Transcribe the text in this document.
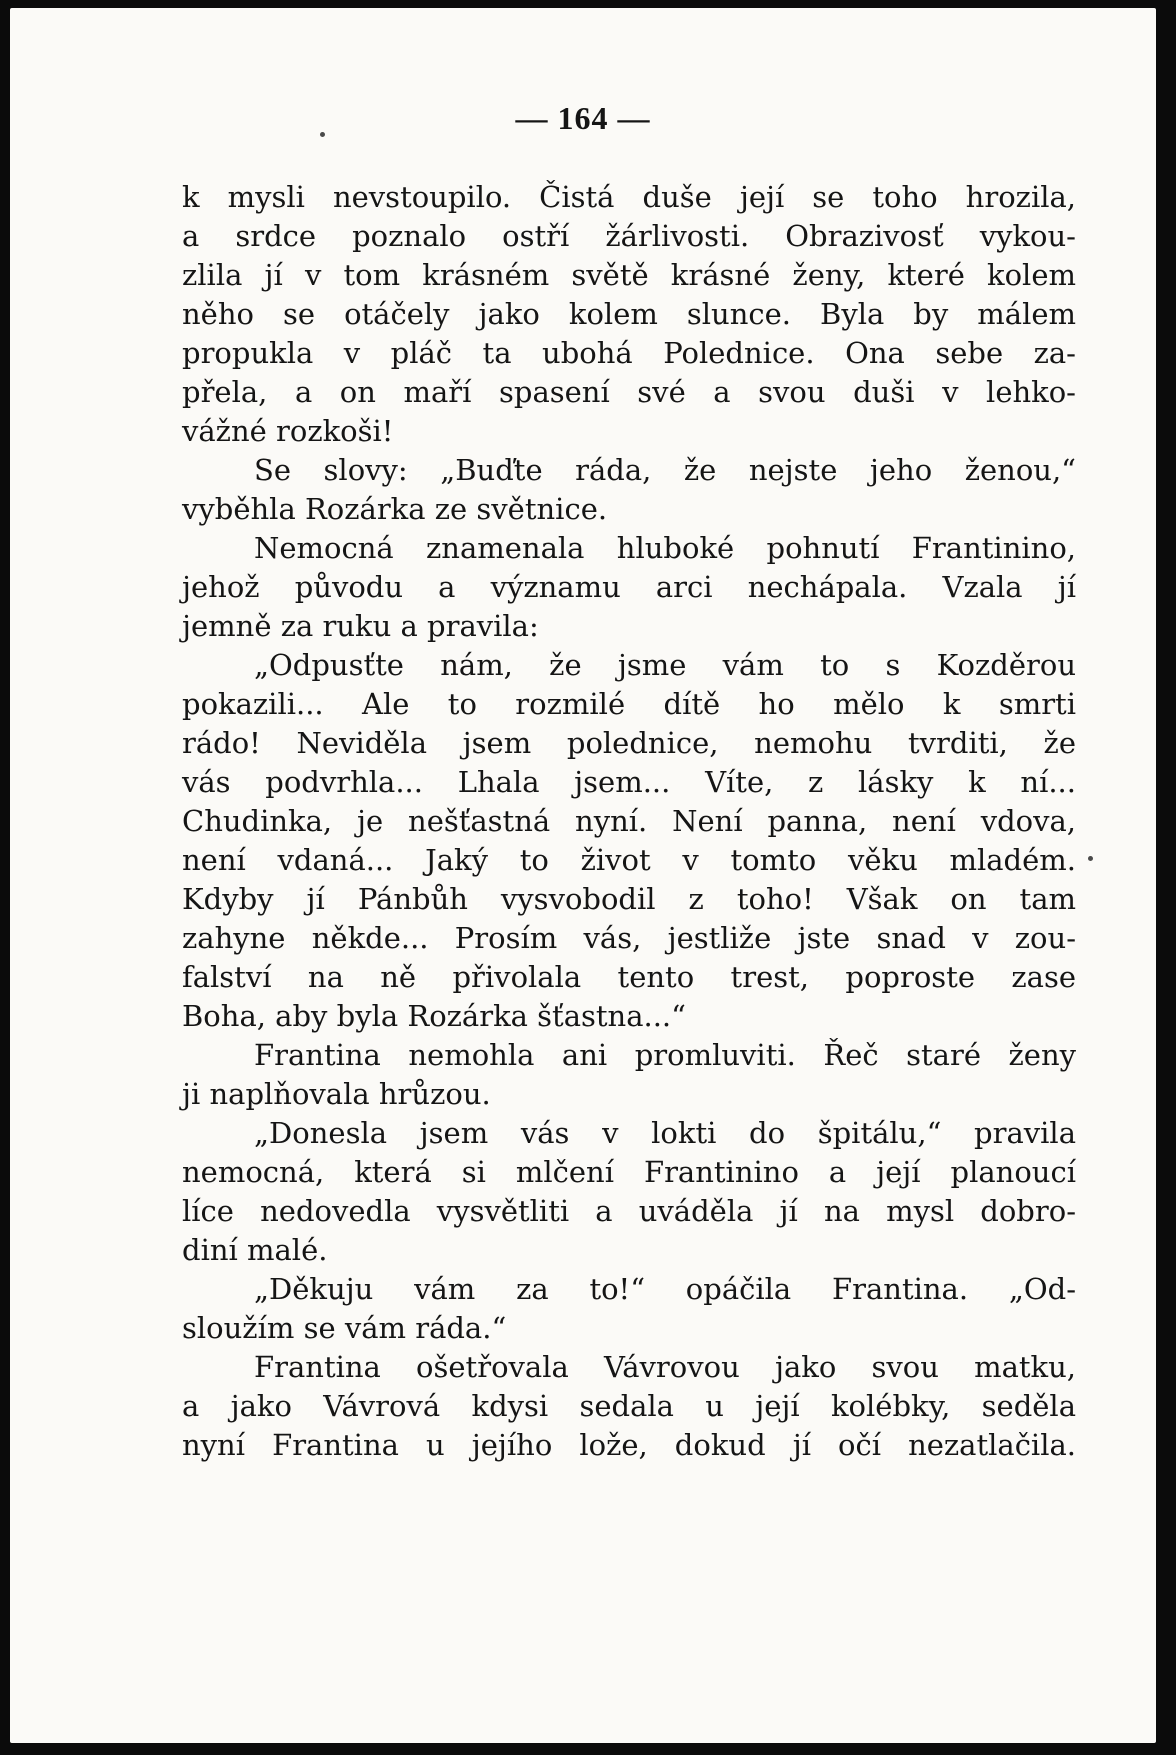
— 164 —

k mysli nevstoupilo. Čistá duše její se toho hrozila,
a srdce poznalo ostří žárlivosti. Obrazivosť vykou-
zlila jí v tom krásném světě krásné ženy, které kolem
něho se otáčely jako kolem slunce. Byla by málem
propukla v pláč ta ubohá Polednice. Ona sebe za-
přela, a on maří spasení své a svou duši v lehko-
vážné rozkoši!

Se slovy: „Buďte ráda, že nejste jeho ženou,“
vyběhla Rozárka ze světnice.

Nemocná znamenala hluboké pohnutí Frantinino,
jehož původu a významu arci nechápala. Vzala jí
jemně za ruku a pravila:

„Odpusťte nám, že jsme vám to s Kozděrou
pokazili... Ale to rozmilé dítě ho mělo k smrti
rádo! Neviděla jsem polednice, nemohu tvrditi, že
vás podvrhla... Lhala jsem... Víte, z lásky k ní...
Chudinka, je nešťastná nyní. Není panna, není vdova,
není vdaná... Jaký to život v tomto věku mladém.
Kdyby jí Pánbůh vysvobodil z toho! Však on tam
zahyne někde... Prosím vás, jestliže jste snad v zou-
falství na ně přivolala tento trest, poproste zase
Boha, aby byla Rozárka šťastna...“

Frantina nemohla ani promluviti. Řeč staré ženy
ji naplňovala hrůzou.

„Donesla jsem vás v lokti do špitálu,“ pravila
nemocná, která si mlčení Frantinino a její planoucí
líce nedovedla vysvětliti a uváděla jí na mysl dobro-
diní malé.

„Děkuju vám za to!“ opáčila Frantina. „Od-
sloužím se vám ráda.“

Frantina ošetřovala Vávrovou jako svou matku,
a jako Vávrová kdysi sedala u její kolébky, seděla
nyní Frantina u jejího lože, dokud jí očí nezatlačila.
